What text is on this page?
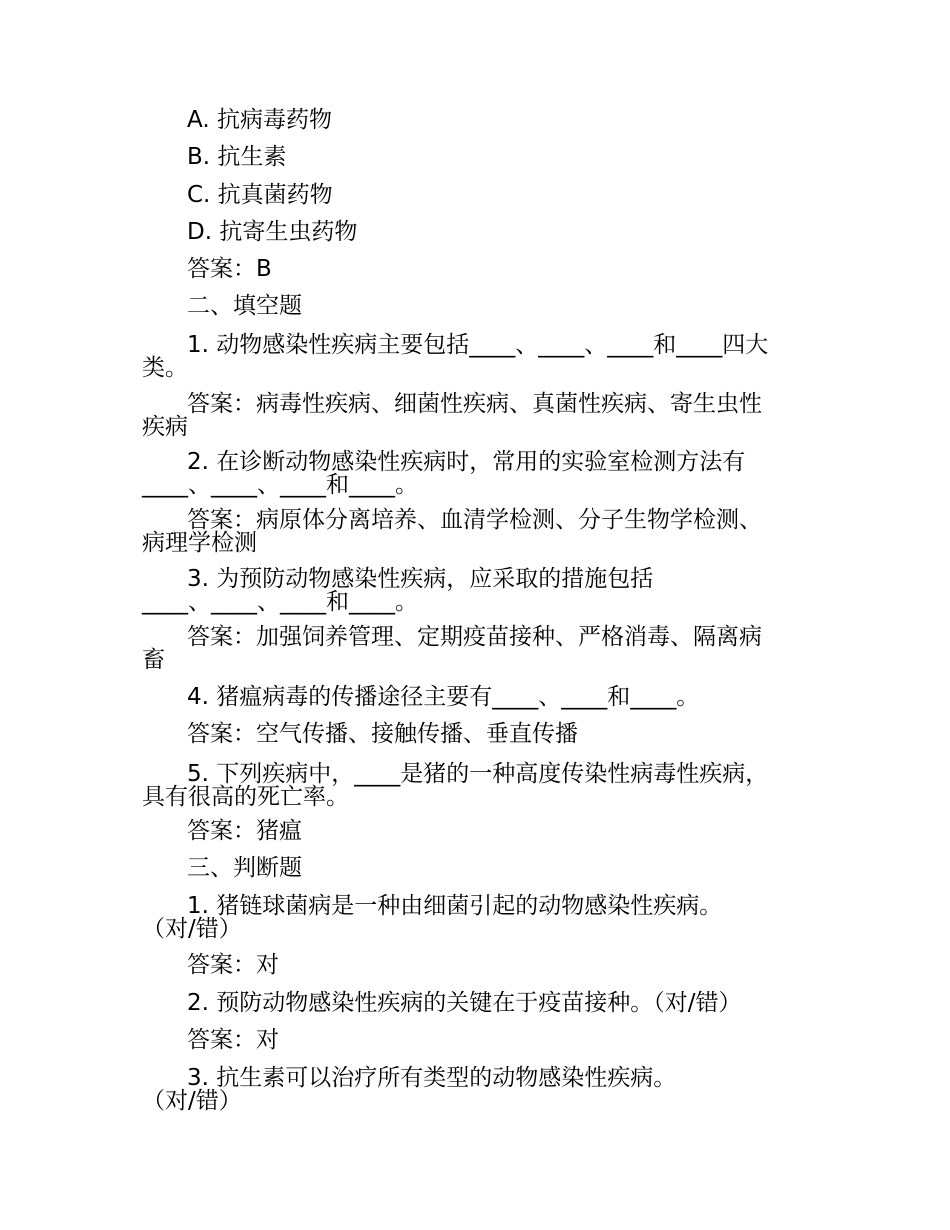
A. 抗病毒药物
B. 抗生素
C. 抗真菌药物
D. 抗寄生虫药物
答案：B
二、填空题
1. 动物感染性疾病主要包括____、____、____和____四大
类。
答案：病毒性疾病、细菌性疾病、真菌性疾病、寄生虫性
疾病
2. 在诊断动物感染性疾病时，常用的实验室检测方法有
____、____、____和____。
答案：病原体分离培养、血清学检测、分子生物学检测、
病理学检测
3. 为预防动物感染性疾病，应采取的措施包括
____、____、____和____。
答案：加强饲养管理、定期疫苗接种、严格消毒、隔离病
畜
4. 猪瘟病毒的传播途径主要有____、____和____。
答案：空气传播、接触传播、垂直传播
5. 下列疾病中，____是猪的一种高度传染性病毒性疾病，
具有很高的死亡率。
答案：猪瘟
三、判断题
1. 猪链球菌病是一种由细菌引起的动物感染性疾病。
（对/错）
答案：对
2. 预防动物感染性疾病的关键在于疫苗接种。（对/错）
答案：对
3. 抗生素可以治疗所有类型的动物感染性疾病。
（对/错）
